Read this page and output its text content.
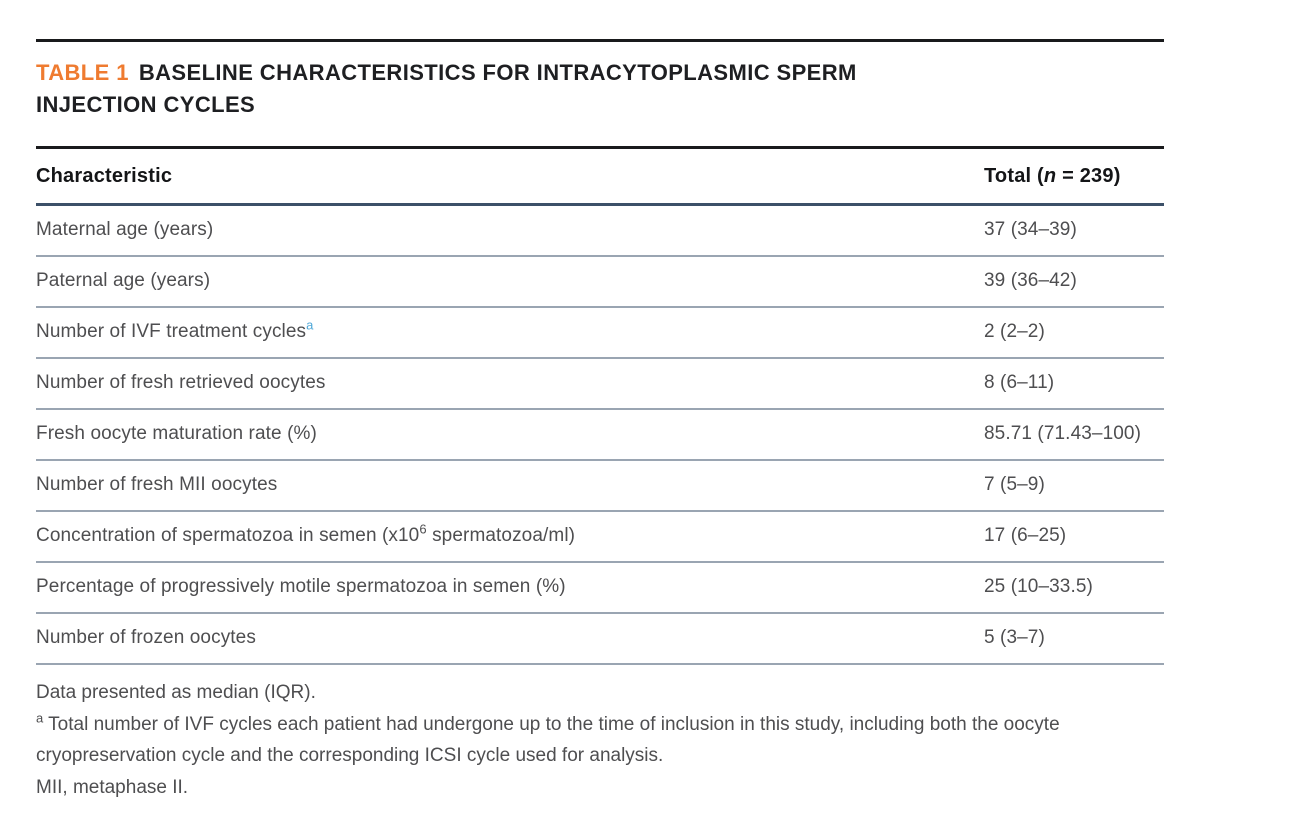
TABLE 1 BASELINE CHARACTERISTICS FOR INTRACYTOPLASMIC SPERM
INJECTION CYCLES
Characteristic	Total (n = 239)
Maternal age (years)	37 (34–39)
Paternal age (years)	39 (36–42)
Number of IVF treatment cycles$^a$	2 (2–2)
Number of fresh retrieved oocytes	8 (6–11)
Fresh oocyte maturation rate (%)	85.71 (71.43–100)
Number of fresh MII oocytes	7 (5–9)
Concentration of spermatozoa in semen ($x10^6$ spermatozoa/ml)	17 (6–25)
Percentage of progressively motile spermatozoa in semen (%)	25 (10–33.5)
Number of frozen oocytes	5 (3–7)

Data presented as median (IQR).

$^a$ Total number of IVF cycles each patient had undergone up to the time of inclusion in this study, including both the oocyte cryopreservation cycle and the corresponding ICSI cycle used for analysis.

MII, metaphase II.
